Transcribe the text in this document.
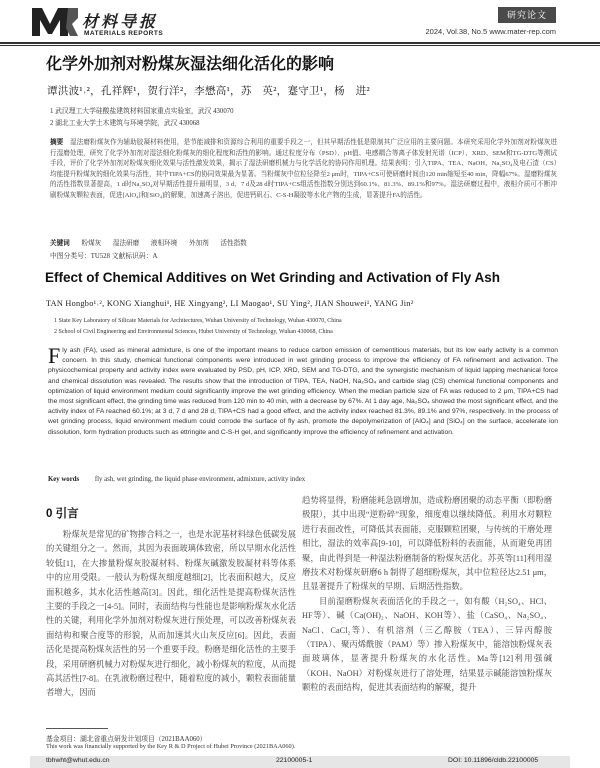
材料导报
MATERIALS REPORTS
研究论文
2024, Vol.38, No.5 www.mater-rep.com
化学外加剂对粉煤灰湿法细化活化的影响
谭洪波¹˒²，孔祥辉¹，贺行洋²，李懋高¹，苏　英²，蹇守卫¹，杨　进²
1 武汉理工大学硅酸盐建筑材料国家重点实验室，武汉 430070
2 湖北工业大学土木建筑与环境学院，武汉 430068
摘要　 湿法磨粉煤灰作为辅助胶凝材料使用，是节能减排和资源综合利用的重要手段之一，但其早期活性低是限制其广泛应用的主要问题。本研究采用化学外加剂对粉煤灰进行湿磨处理，研究了化学外加剂对湿法细化粉煤灰的细化程度和活性的影响。通过粒度分布（PSD）、pH值、电感耦合等离子体发射光谱（ICP）、XRD、SEM和TG-DTG等测试手段，评价了化学外加剂对粉煤灰细化效果与活性激发效果，揭示了湿法研磨机械力与化学活化的协同作用机理。结果表明：引入TIPA、TEA、NaOH、Na₂SO₄及电石渣（CS）均能提升粉煤灰的细化效果与活性，其中TIPA+CS的协同效果最为显著。当粉煤灰中位粒径降至2 μm时，TIPA+CS可使研磨时间由120 min缩短至40 min，降幅67%。湿磨粉煤灰的活性指数显著提高，1 d时Na₂SO₄对早期活性提升最明显，3 d、7 d及28 d时TIPA+CS组活性指数分别达到60.1%、81.3%、89.1%和97%。湿法研磨过程中，液相介质可不断冲刷粉煤灰颗粒表面，促进[AlO₄]和[SiO₄]的解聚，加速离子溶出，促进钙矾石、C-S-H凝胶等水化产物的生成，显著提升FA的活性。
关键词 粉煤灰 湿法研磨 液相环境 外加剂 活性指数
中图分类号：TU528 文献标识码：A
Effect of Chemical Additives on Wet Grinding and Activation of Fly Ash
TAN Hongbo¹˒², KONG Xianghui¹, HE Xingyang², LI Maogao¹, SU Ying², JIAN Shouwei¹, YANG Jin²
1 State Key Laboratory of Silicate Materials for Architectures, Wuhan University of Technology, Wuhan 430070, China
2 School of Civil Engineering and Environmental Sciences, Hubei University of Technology, Wuhan 430068, China
Fly ash (FA), used as mineral admixture, is one of the important means to reduce carbon emission of cementitious materials, but its low early activity is a common concern. In this study, chemical functional components were introduced in wet grinding process to improve the efficiency of FA refinement and activation. The physicochemical property and activity index were evaluated by PSD, pH, ICP, XRD, SEM and TG-DTG, and the synergistic mechanism of liquid lapping mechanical force and chemical dissolution was revealed. The results show that the introduction of TIPA, TEA, NaOH, Na₂SO₄ and carbide slag (CS) chemical functional components and optimization of liquid environment medium could significantly improve the wet grinding efficiency. When the median particle size of FA was reduced to 2 μm, TIPA+CS had the most significant effect, the grinding time was reduced from 120 min to 40 min, with a decrease by 67%. At 1 day age, Na₂SO₄ showed the most significant effect, and the activity index of FA reached 60.1%; at 3 d, 7 d and 28 d, TIPA+CS had a good effect, and the activity index reached 81.3%, 89.1% and 97%, respectively. In the process of wet grinding process, liquid environment medium could corrode the surface of fly ash, promote the depolymerization of [AlO₄] and [SiO₄] on the surface, accelerate ion dissolution, form hydration products such as ettringite and C-S-H gel, and significantly improve the efficiency of refinement and activation.
Key words fly ash, wet grinding, the liquid phase environment, admixture, activity index
0 引言
粉煤灰是常见的矿物掺合料之一，也是水泥基材料绿色低碳发展的关键组分之一。然而，其因为表面玻璃体致密，所以早期水化活性较低[1]，在大掺量粉煤灰胶凝材料、粉煤灰碱激发胶凝材料等体系中的应用受限。一般认为粉煤灰细度越细[2]，比表面积越大，反应面积越多，其水化活性越高[3]。因此，细化活性是提高粉煤灰活性主要的手段之一[4-5]。同时，表面结构与性能也是影响粉煤灰水化活性的关键，利用化学外加剂对粉煤灰进行预处理，可以改善粉煤灰表面结构和聚合度等的形貌，从而加速其火山灰反应[6]。因此，表面活化是提高粉煤灰活性的另一个重要手段。粉磨是细化活性的主要手段，采用研磨机械力对粉煤灰进行细化，减小粉煤灰的粒度，从而提高其活性[7-8]。在乳液粉磨过程中，随着粒度的减小，颗粒表面能量者增大，因而

趋势将显得，粉磨能耗急剧增加，造成粉磨团聚的动态平衡（即粉磨极限），其中出现“逆粉碎”现象，细度难以继续降低。利用水对颗粒进行表面改性，可降低其表面能，克服颗粒团聚，与传统的干磨处理相比，湿法的效率高[9-10]，可以降低粉料的表面能，从而避免再团聚，由此得到是一种湿法粉磨制备的粉煤灰活化。苏英等[11]利用湿磨技术对粉煤灰研磨6 h 制得了超细粉煤灰，其中位粒径达2.51 μm，且显著提升了粉煤灰的早期、后期活性指数。

目前湿磨粉煤灰表面活化的手段之一，如有酸（H₂SO₄、HCl、HF等）、碱（Ca(OH)₂、NaOH、KOH等）、盐（CaSO₄、Na₂SO₄、NaCl、CaCl₂等）、有机溶剂（三乙醇胺（TEA）、三异丙醇胺（TIPA）、聚丙烯酰胺（PAM）等）掺入粉煤灰中，能溶蚀粉煤灰表面玻璃体，显著提升粉煤灰的水化活性。Ma等[12]利用强碱（KOH、NaOH）对粉煤灰进行了溶处理，结果显示碱能溶蚀粉煤灰颗粒的表面结构，促进其表面结构的解聚，提升

基金项目：湖北省重点研发计划项目（2021BAA060）
This work was financially supported by the Key R & D Project of Hubei Province (2021BAA060).
tbhwht@whut.edu.cn	22100005-1	DOI: 10.11896/cldb.22100005
